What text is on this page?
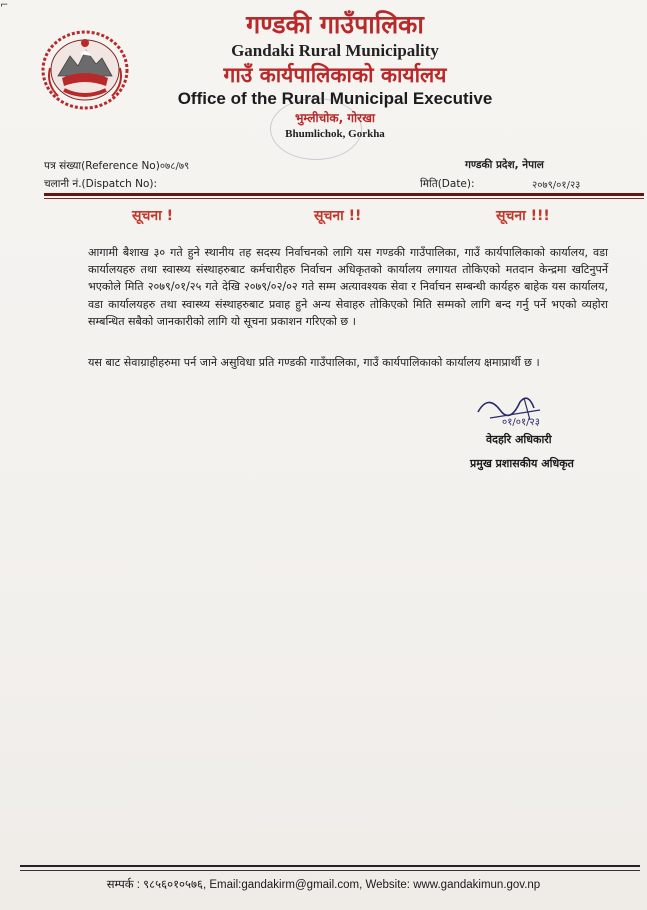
⌐
गण्डकी गाउँपालिका
Gandaki Rural Municipality
गाउँ कार्यपालिकाको कार्यालय
Office of the Rural Municipal Executive
भुम्लीचोक, गोरखा
Bhumlichok, Gorkha
पत्र संख्या(Reference No)०७८/७९
चलानी नं.(Dispatch No):
गण्डकी प्रदेश, नेपाल
मिति(Date):	२०७९/०१/२३
सूचना !	सूचना !!	सूचना !!!
आगामी बैशाख ३० गते हुने स्थानीय तह सदस्य निर्वाचनको लागि यस गण्डकी गाउँपालिका, गाउँ कार्यपालिकाको कार्यालय, वडा कार्यालयहरु तथा स्वास्थ्य संस्थाहरुबाट कर्मचारीहरु निर्वाचन अधिकृतको कार्यालय लगायत तोकिएको मतदान केन्द्रमा खटिनुपर्ने भएकोले मिति २०७९/०१/२५ गते देखि २०७९/०२/०२ गते सम्म अत्यावश्यक सेवा र निर्वाचन सम्बन्धी कार्यहरु बाहेक यस कार्यालय, वडा कार्यालयहरु तथा स्वास्थ्य संस्थाहरुबाट प्रवाह हुने अन्य सेवाहरु तोकिएको मिति सम्मको लागि बन्द गर्नु पर्ने भएको व्यहोरा सम्बन्धित सबैको जानकारीको लागि यो सूचना प्रकाशन गरिएको छ ।
यस बाट सेवाग्राहीहरुमा पर्न जाने असुविधा प्रति गण्डकी गाउँपालिका, गाउँ कार्यपालिकाको कार्यालय क्षमाप्रार्थी छ ।
०१/०१/२३
वेदहरि अधिकारी
प्रमुख प्रशासकीय अधिकृत
सम्पर्क : ९८५६०१०५७६, Email:gandakirm@gmail.com, Website: www.gandakimun.gov.np
